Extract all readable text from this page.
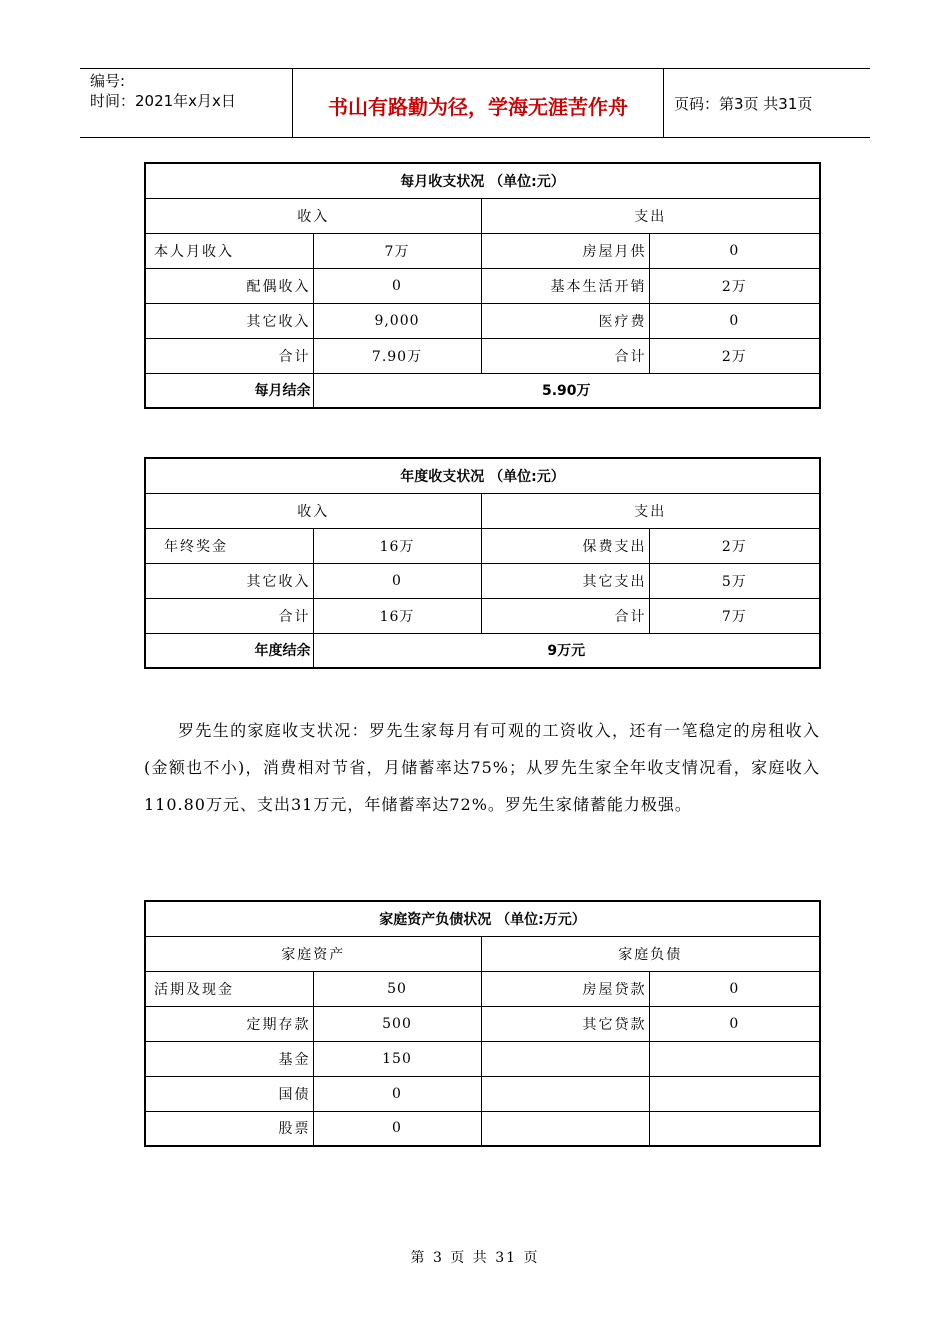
编号:
时间：2021年x月x日	书山有路勤为径，学海无涯苦作舟	页码：第3页 共31页
每月收支状况 （单位:元）			
收入		支出	
本人月收入	7万	房屋月供	0
配偶收入	0	基本生活开销	2万
其它收入	9,000	医疗费	0
合计	7.90万	合计	2万
每月结余	5.90万		
年度收支状况 （单位:元）			
收入		支出	
年终奖金	16万	保费支出	2万
其它收入	0	其它支出	5万
合计	16万	合计	7万
年度结余	9万元		

罗先生的家庭收支状况：罗先生家每月有可观的工资收入，还有一笔稳定的房租收入(金额也不小)，消费相对节省，月储蓄率达75%；从罗先生家全年收支情况看，家庭收入110.80万元、支出31万元，年储蓄率达72%。罗先生家储蓄能力极强。

家庭资产负债状况 （单位:万元）			
家庭资产		家庭负债	
活期及现金	50	房屋贷款	0
定期存款	500	其它贷款	0
基金	150		
国债	0		
股票	0		
第 3 页 共 31 页
